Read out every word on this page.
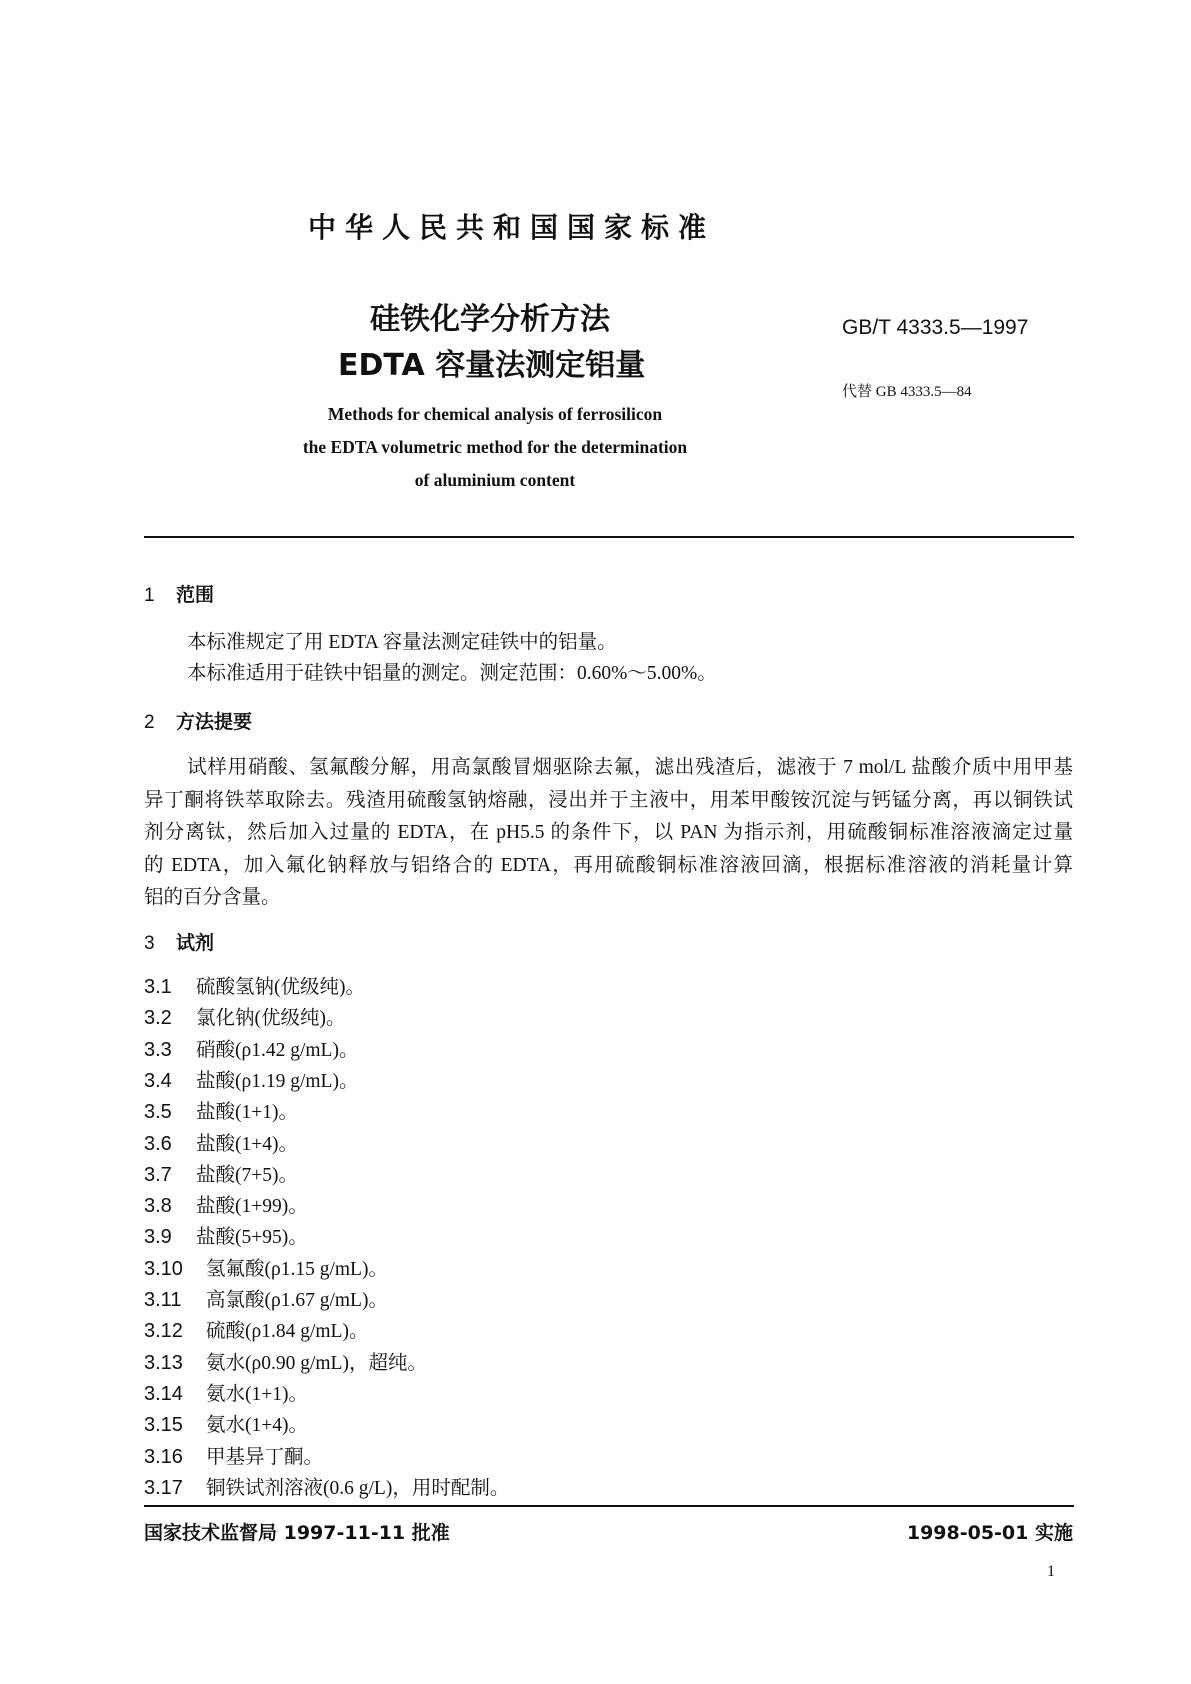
中华人民共和国国家标准
硅铁化学分析方法
EDTA 容量法测定铝量
GB/T 4333.5—1997
代替 GB 4333.5—84
Methods for chemical analysis of ferrosilicon
the EDTA volumetric method for the determination
of aluminium content
1 范围
本标准规定了用 EDTA 容量法测定硅铁中的铝量。
本标准适用于硅铁中铝量的测定。测定范围：0.60%～5.00%。
2 方法提要
试样用硝酸、氢氟酸分解，用高氯酸冒烟驱除去氟，滤出残渣后，滤液于 7 mol/L 盐酸介质中用甲基
异丁酮将铁萃取除去。残渣用硫酸氢钠熔融，浸出并于主液中，用苯甲酸铵沉淀与钙锰分离，再以铜铁试
剂分离钛，然后加入过量的 EDTA，在 pH5.5 的条件下，以 PAN 为指示剂，用硫酸铜标准溶液滴定过量
的 EDTA，加入氟化钠释放与铝络合的 EDTA，再用硫酸铜标准溶液回滴，根据标准溶液的消耗量计算
铝的百分含量。
3 试剂
3.1 硫酸氢钠(优级纯)。
3.2 氯化钠(优级纯)。
3.3 硝酸(ρ1.42 g/mL)。
3.4 盐酸(ρ1.19 g/mL)。
3.5 盐酸(1+1)。
3.6 盐酸(1+4)。
3.7 盐酸(7+5)。
3.8 盐酸(1+99)。
3.9 盐酸(5+95)。
3.10 氢氟酸(ρ1.15 g/mL)。
3.11 高氯酸(ρ1.67 g/mL)。
3.12 硫酸(ρ1.84 g/mL)。
3.13 氨水(ρ0.90 g/mL)，超纯。
3.14 氨水(1+1)。
3.15 氨水(1+4)。
3.16 甲基异丁酮。
3.17 铜铁试剂溶液(0.6 g/L)，用时配制。
国家技术监督局 1997-11-11 批准	1998-05-01 实施
1
